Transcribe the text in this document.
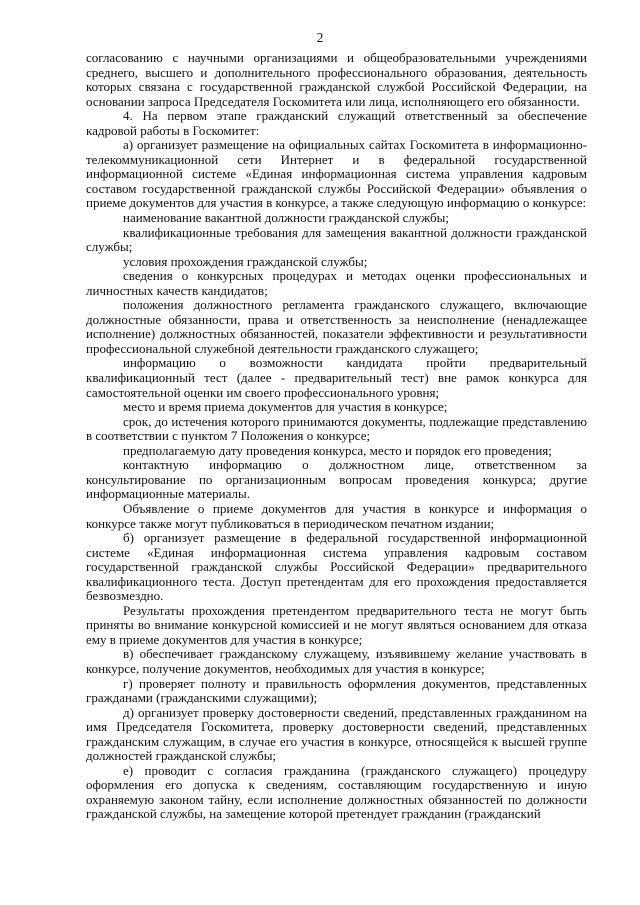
2

согласованию с научными организациями и общеобразовательными учреждениями среднего, высшего и дополнительного профессионального образования, деятельность которых связана с государственной гражданской службой Российской Федерации, на основании запроса Председателя Госкомитета или лица, исполняющего его обязанности.

4. На первом этапе гражданский служащий ответственный за обеспечение кадровой работы в Госкомитет:

а) организует размещение на официальных сайтах Госкомитета в информационно-телекоммуникационной сети Интернет и в федеральной государственной информационной системе «Единая информационная система управления кадровым составом государственной гражданской службы Российской Федерации» объявления о приеме документов для участия в конкурсе, а также следующую информацию о конкурсе:

наименование вакантной должности гражданской службы;

квалификационные требования для замещения вакантной должности гражданской службы;

условия прохождения гражданской службы;

сведения о конкурсных процедурах и методах оценки профессиональных и личностных качеств кандидатов;

положения должностного регламента гражданского служащего, включающие должностные обязанности, права и ответственность за неисполнение (ненадлежащее исполнение) должностных обязанностей, показатели эффективности и результативности профессиональной служебной деятельности гражданского служащего;

информацию о возможности кандидата пройти предварительный квалификационный тест (далее - предварительный тест) вне рамок конкурса для самостоятельной оценки им своего профессионального уровня;

место и время приема документов для участия в конкурсе;

срок, до истечения которого принимаются документы, подлежащие представлению в соответствии с пунктом 7 Положения о конкурсе;

предполагаемую дату проведения конкурса, место и порядок его проведения;

контактную информацию о должностном лице, ответственном за консультирование по организационным вопросам проведения конкурса; другие информационные материалы.

Объявление о приеме документов для участия в конкурсе и информация о конкурсе также могут публиковаться в периодическом печатном издании;

б) организует размещение в федеральной государственной информационной системе «Единая информационная система управления кадровым составом государственной гражданской службы Российской Федерации» предварительного квалификационного теста. Доступ претендентам для его прохождения предоставляется безвозмездно.

Результаты прохождения претендентом предварительного теста не могут быть приняты во внимание конкурсной комиссией и не могут являться основанием для отказа ему в приеме документов для участия в конкурсе;

в) обеспечивает гражданскому служащему, изъявившему желание участвовать в конкурсе, получение документов, необходимых для участия в конкурсе;

г) проверяет полноту и правильность оформления документов, представленных гражданами (гражданскими служащими);

д) организует проверку достоверности сведений, представленных гражданином на имя Председателя Госкомитета, проверку достоверности сведений, представленных гражданским служащим, в случае его участия в конкурсе, относящейся к высшей группе должностей гражданской службы;

е) проводит с согласия гражданина (гражданского служащего) процедуру оформления его допуска к сведениям, составляющим государственную и иную охраняемую законом тайну, если исполнение должностных обязанностей по должности гражданской службы, на замещение которой претендует гражданин (гражданский
